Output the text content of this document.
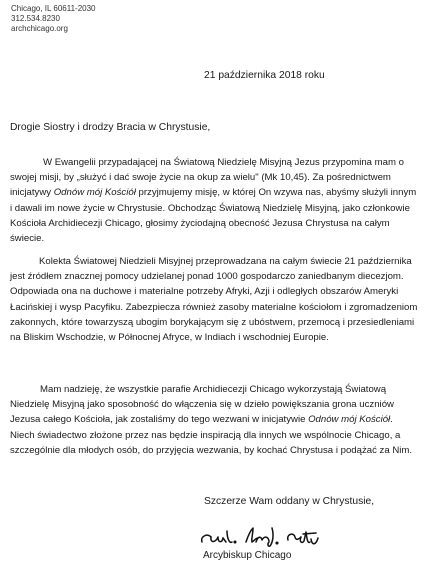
Chicago, IL 60611-2030
312.534.8230
archchicago.org
21 października 2018 roku
Drogie Siostry i drodzy Bracia w Chrystusie,

W Ewangelii przypadającej na Światową Niedzielę Misyjną Jezus przypomina mam o
swojej misji, by „służyć i dać swoje życie na okup za wielu" (Mk 10,45). Za pośrednictwem
inicjatywy Odnów mój Kościół przyjmujemy misję, w której On wzywa nas, abyśmy służyli innym
i dawali im nowe życie w Chrystusie. Obchodząc Światową Niedzielę Misyjną, jako członkowie
Kościoła Archidiecezji Chicago, głosimy życiodajną obecność Jezusa Chrystusa na całym
świecie.

Kolekta Światowej Niedzieli Misyjnej przeprowadzana na całym świecie 21 października
jest źródłem znacznej pomocy udzielanej ponad 1000 gospodarczo zaniedbanym diecezjom.
Odpowiada ona na duchowe i materialne potrzeby Afryki, Azji i odległych obszarów Ameryki
Łacińskiej i wysp Pacyfiku. Zabezpiecza również zasoby materialne kościołom i zgromadzeniom
zakonnych, które towarzyszą ubogim borykającym się z ubóstwem, przemocą i przesiedleniami
na Bliskim Wschodzie, w Północnej Afryce, w Indiach i wschodniej Europie.

Mam nadzieję, że wszystkie parafie Archidiecezji Chicago wykorzystają Światową
Niedzielę Misyjną jako sposobność do włączenia się w dzieło powiększania grona uczniów
Jezusa całego Kościoła, jak zostaliśmy do tego wezwani w inicjatywie Odnów mój Kościół.
Niech świadectwo złożone przez nas będzie inspiracją dla innych we wspólnocie Chicago, a
szczególnie dla młodych osób, do przyjęcia wezwania, by kochać Chrystusa i podążać za Nim.

Szczerze Wam oddany w Chrystusie,
Arcybiskup Chicago
